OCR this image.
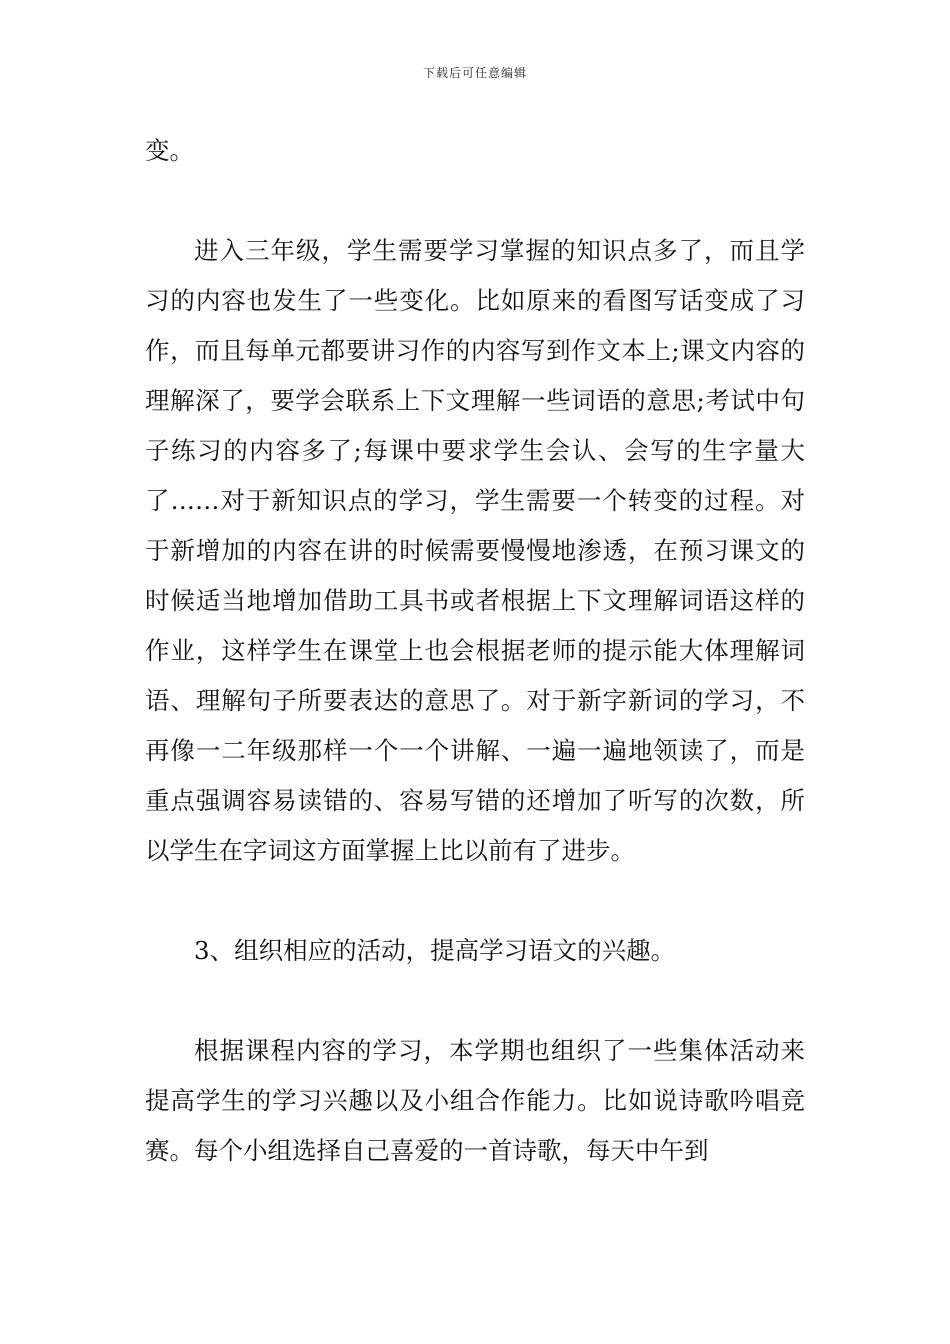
下载后可任意编辑

变。

进入三年级，学生需要学习掌握的知识点多了，而且学习的内容也发生了一些变化。比如原来的看图写话变成了习作，而且每单元都要讲习作的内容写到作文本上;课文内容的理解深了，要学会联系上下文理解一些词语的意思;考试中句子练习的内容多了;每课中要求学生会认、会写的生字量大了……对于新知识点的学习，学生需要一个转变的过程。对于新增加的内容在讲的时候需要慢慢地渗透，在预习课文的时候适当地增加借助工具书或者根据上下文理解词语这样的作业，这样学生在课堂上也会根据老师的提示能大体理解词语、理解句子所要表达的意思了。对于新字新词的学习，不再像一二年级那样一个一个讲解、一遍一遍地领读了，而是重点强调容易读错的、容易写错的还增加了听写的次数，所以学生在字词这方面掌握上比以前有了进步。

3、组织相应的活动，提高学习语文的兴趣。

根据课程内容的学习，本学期也组织了一些集体活动来提高学生的学习兴趣以及小组合作能力。比如说诗歌吟唱竞赛。每个小组选择自己喜爱的一首诗歌，每天中午到
